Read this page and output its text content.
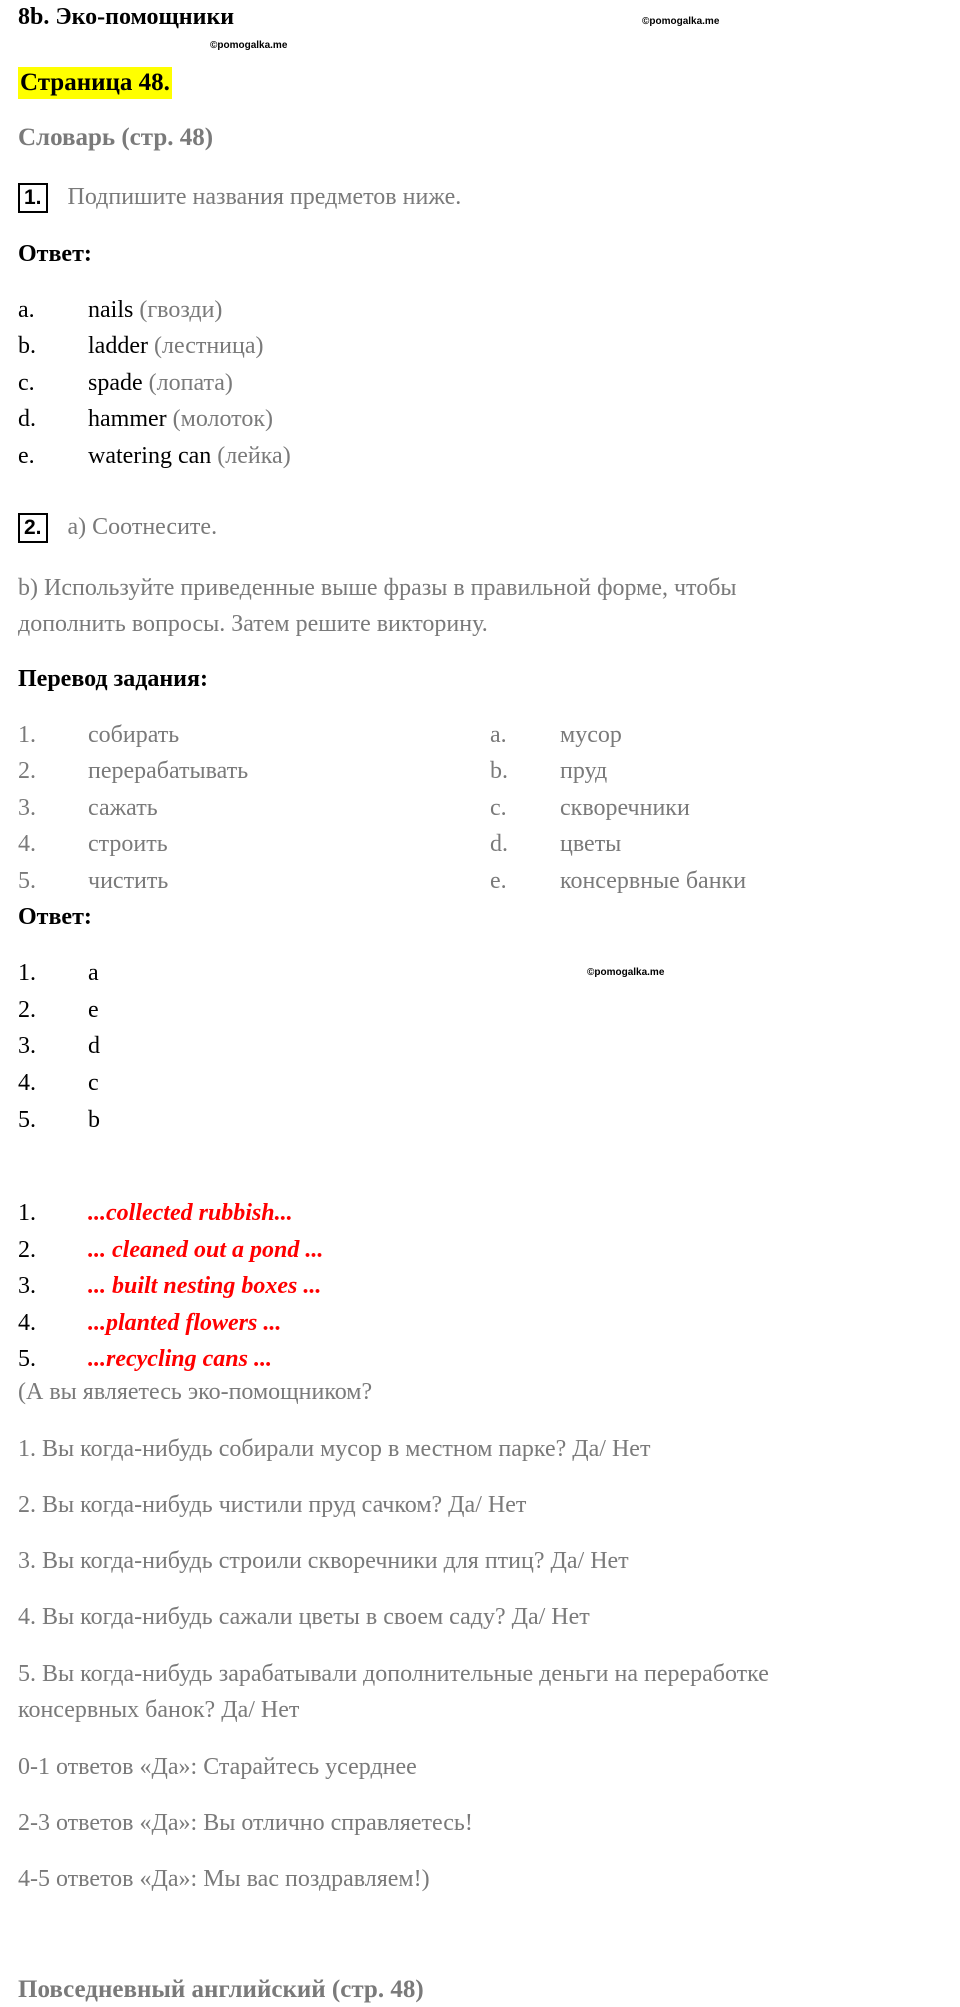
8b. Эко-помощники	©pomogalka.me
©pomogalka.me
Страница 48.
Словарь (стр. 48)
1. Подпишите названия предметов ниже.
Ответ:
a. nails (гвозди)
b. ladder (лестница)
c. spade (лопата)
d. hammer (молоток)
e. watering can (лейка)
2. a) Соотнесите.
b) Используйте приведенные выше фразы в правильной форме, чтобы
дополнить вопросы. Затем решите викторину.
Перевод задания:
1. собирать	a. мусор
2. перерабатывать	b. пруд
3. сажать	c. скворечники
4. строить	d. цветы
5. чистить	e. консервные банки
Ответ:
1. a
2. e
3. d
4. c
5. b
©pomogalka.me
1. ...collected rubbish...
2. ... cleaned out a pond ...
3. ... built nesting boxes ...
4. ...planted flowers ...
5. ...recycling cans ...
(А вы являетесь эко-помощником?
1. Вы когда-нибудь собирали мусор в местном парке? Да/ Нет
2. Вы когда-нибудь чистили пруд сачком? Да/ Нет
3. Вы когда-нибудь строили скворечники для птиц? Да/ Нет
4. Вы когда-нибудь сажали цветы в своем саду? Да/ Нет
5. Вы когда-нибудь зарабатывали дополнительные деньги на переработке
консервных банок? Да/ Нет
0-1 ответов «Да»: Старайтесь усерднее
2-3 ответов «Да»: Вы отлично справляетесь!
4-5 ответов «Да»: Мы вас поздравляем!)
Повседневный английский (стр. 48)
